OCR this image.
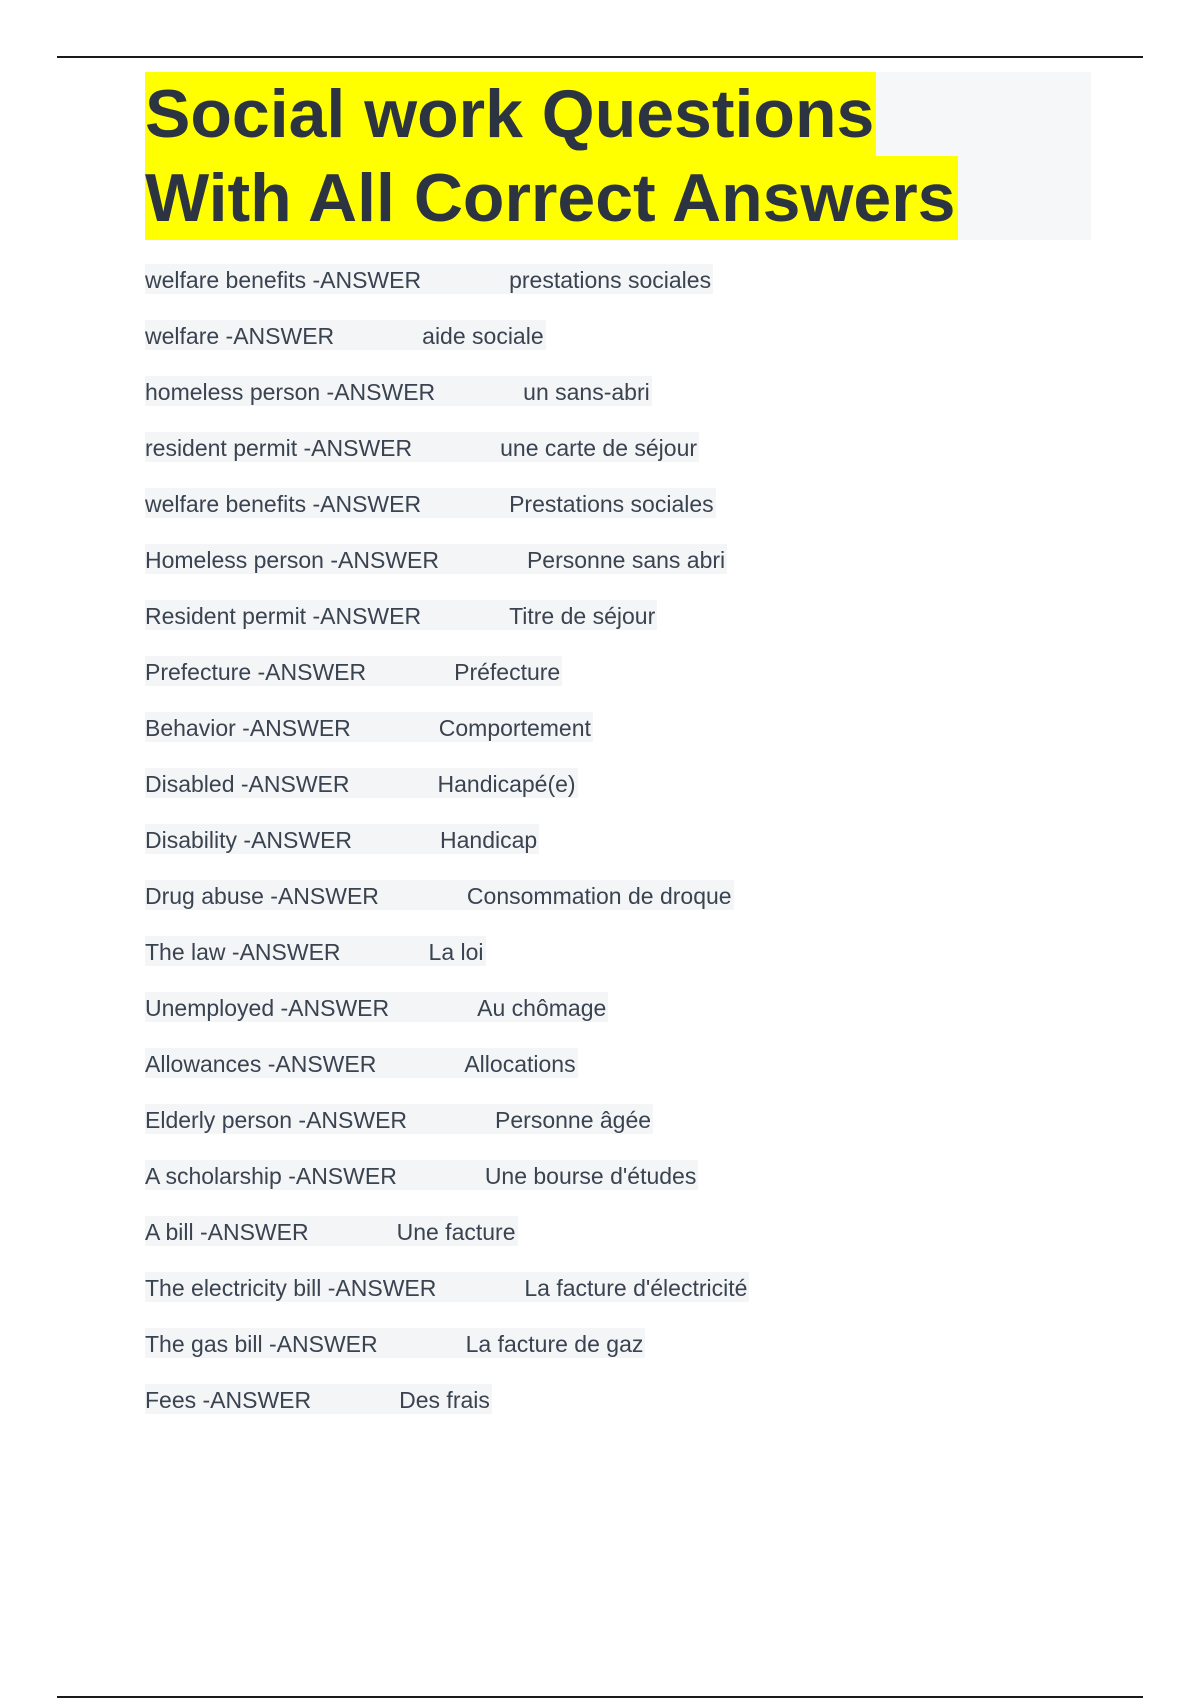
Social work Questions
With All Correct Answers
welfare benefits -ANSWER	prestations sociales
welfare -ANSWER	aide sociale
homeless person -ANSWER	un sans-abri
resident permit -ANSWER	une carte de séjour
welfare benefits -ANSWER	Prestations sociales
Homeless person -ANSWER	Personne sans abri
Resident permit -ANSWER	Titre de séjour
Prefecture -ANSWER	Préfecture
Behavior -ANSWER	Comportement
Disabled -ANSWER	Handicapé(e)
Disability -ANSWER	Handicap
Drug abuse -ANSWER	Consommation de droque
The law -ANSWER	La loi
Unemployed -ANSWER	Au chômage
Allowances -ANSWER	Allocations
Elderly person -ANSWER	Personne âgée
A scholarship -ANSWER	Une bourse d'études
A bill -ANSWER	Une facture
The electricity bill -ANSWER	La facture d'électricité
The gas bill -ANSWER	La facture de gaz
Fees -ANSWER	Des frais
